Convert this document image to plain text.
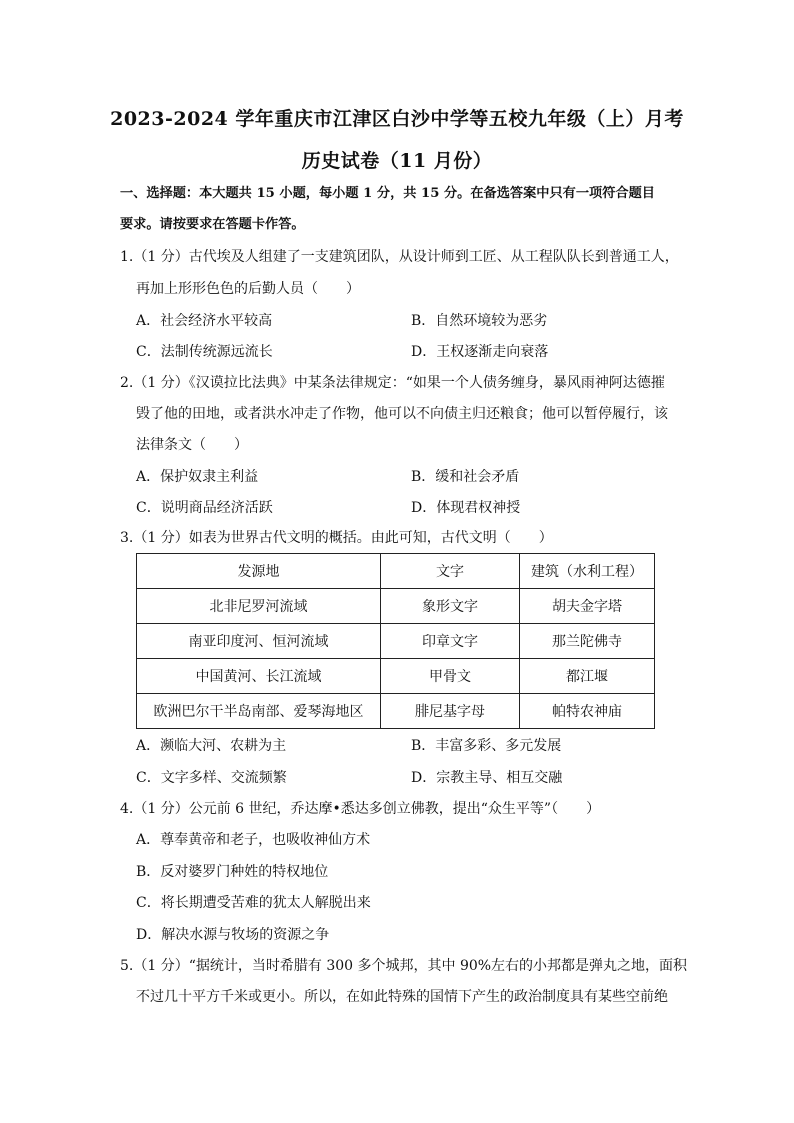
2023-2024 学年重庆市江津区白沙中学等五校九年级（上）月考
历史试卷（11 月份）
一、选择题：本大题共 15 小题，每小题 1 分，共 15 分。在备选答案中只有一项符合题目
要求。请按要求在答题卡作答。
1.（1 分）古代埃及人组建了一支建筑团队，从设计师到工匠、从工程队队长到普通工人，
再加上形形色色的后勤人员（　　）
A．社会经济水平较高	B．自然环境较为恶劣
C．法制传统源远流长	D．王权逐渐走向衰落
2.（1 分）《汉谟拉比法典》中某条法律规定：“如果一个人债务缠身，暴风雨神阿达德摧
毁了他的田地，或者洪水冲走了作物，他可以不向债主归还粮食；他可以暂停履行，该
法律条文（　　）
A．保护奴隶主利益	B．缓和社会矛盾
C．说明商品经济活跃	D．体现君权神授
3.（1 分）如表为世界古代文明的概括。由此可知，古代文明（　　）
发源地	文字	建筑（水利工程）
北非尼罗河流域	象形文字	胡夫金字塔
南亚印度河、恒河流域	印章文字	那兰陀佛寺
中国黄河、长江流域	甲骨文	都江堰
欧洲巴尔干半岛南部、爱琴海地区	腓尼基字母	帕特农神庙
A．濒临大河、农耕为主	B．丰富多彩、多元发展
C．文字多样、交流频繁	D．宗教主导、相互交融
4.（1 分）公元前 6 世纪，乔达摩•悉达多创立佛教，提出“众生平等”（　　）
A．尊奉黄帝和老子，也吸收神仙方术
B．反对婆罗门种姓的特权地位
C．将长期遭受苦难的犹太人解脱出来
D．解决水源与牧场的资源之争
5.（1 分）“据统计，当时希腊有 300 多个城邦，其中 90%左右的小邦都是弹丸之地，面积
不过几十平方千米或更小。所以，在如此特殊的国情下产生的政治制度具有某些空前绝
